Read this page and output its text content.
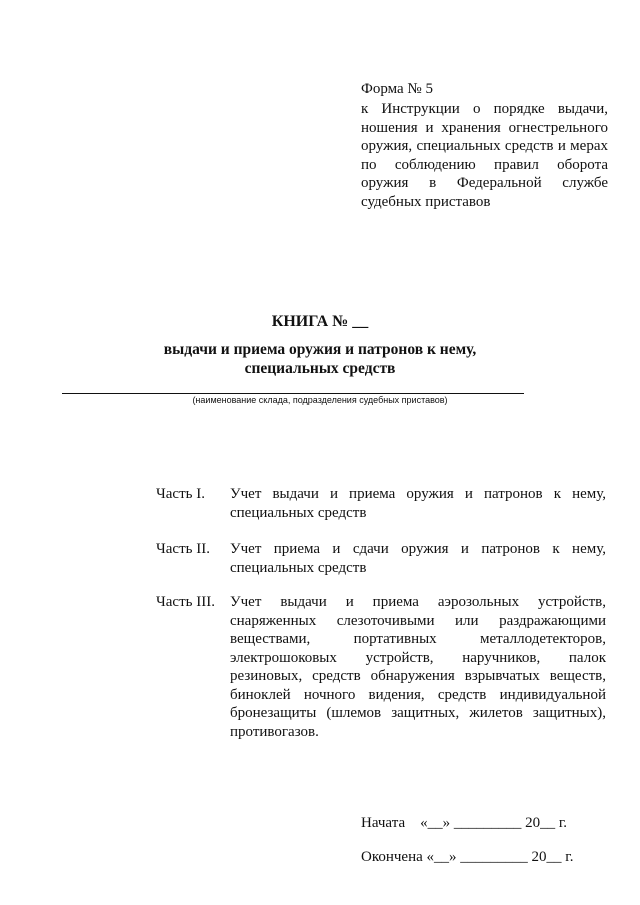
Форма № 5
к Инструкции о порядке выдачи,
ношения и хранения огнестрельного
оружия, специальных средств и мерах
по соблюдению правил оборота
оружия в Федеральной службе
судебных приставов
КНИГА № __
выдачи и приема оружия и патронов к нему,
специальных средств
(наименование склада, подразделения судебных приставов)
Часть I. Учет выдачи и приема оружия и патронов к нему,
специальных средств
Часть II. Учет приема и сдачи оружия и патронов к нему,
специальных средств
Часть III. Учет выдачи и приема аэрозольных устройств,
снаряженных слезоточивыми или раздражающими
веществами, портативных металлодетекторов,
электрошоковых устройств, наручников, палок
резиновых, средств обнаружения взрывчатых веществ,
биноклей ночного видения, средств индивидуальной
бронезащиты (шлемов защитных, жилетов защитных),
противогазов.
Начата    «__» _________ 20__ г.
Окончена «__» _________ 20__ г.
